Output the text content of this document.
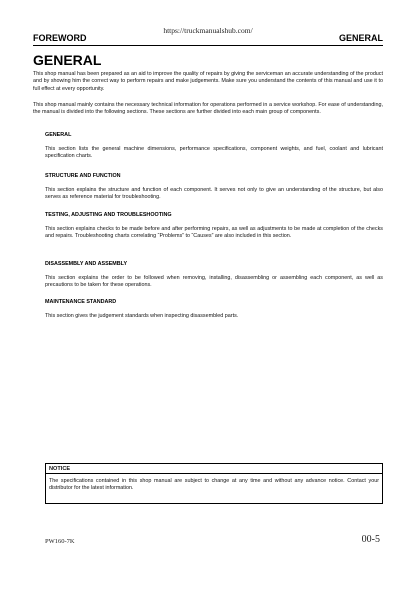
https://truckmanualshub.com/
FOREWORD	GENERAL
GENERAL

This shop manual has been prepared as an aid to improve the quality of repairs by giving the serviceman an accurate understanding of the product and by showing him the correct way to perform repairs and make judgements. Make sure you understand the contents of this manual and use it to full effect at every opportunity.

This shop manual mainly contains the necessary technical information for operations performed in a service workshop. For ease of understanding, the manual is divided into the following sections. These sections are further divided into each main group of components.

GENERAL

This section lists the general machine dimensions, performance specifications, component weights, and fuel, coolant and lubricant specification charts.

STRUCTURE AND FUNCTION

This section explains the structure and function of each component. It serves not only to give an understanding of the structure, but also serves as reference material for troubleshooting.

TESTING, ADJUSTING AND TROUBLESHOOTING

This section explains checks to be made before and after performing repairs, as well as adjustments to be made at completion of the checks and repairs. Troubleshooting charts correlating “Problems” to “Causes” are also included in this section.

DISASSEMBLY AND ASSEMBLY

This section explains the order to be followed when removing, installing, disassembling or assembling each component, as well as precautions to be taken for these operations.

MAINTENANCE STANDARD

This section gives the judgement standards when inspecting disassembled parts.

NOTICE
The specifications contained in this shop manual are subject to change at any time and without any advance notice. Contact your distributor for the latest information.
PW160-7K	00-5
